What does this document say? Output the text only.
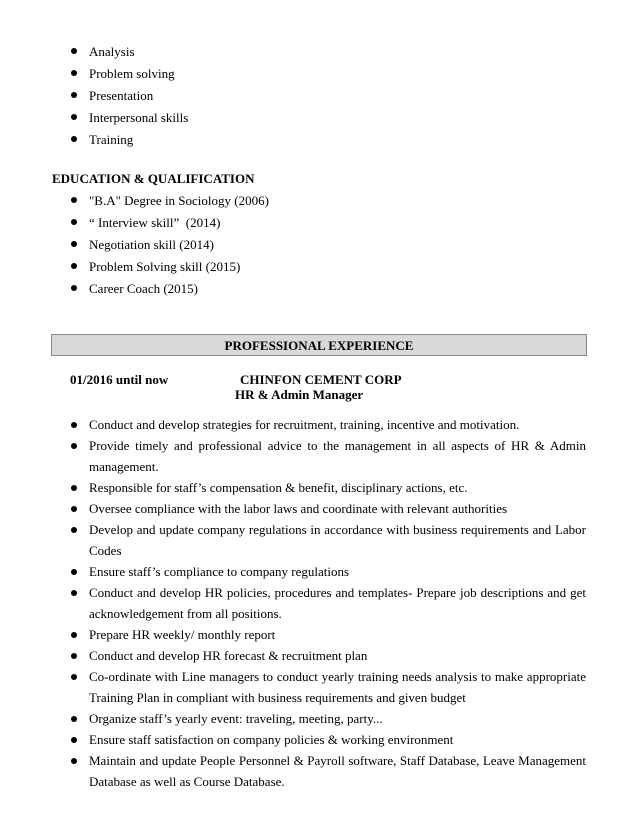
Analysis
Problem solving
Presentation
Interpersonal skills
Training
EDUCATION & QUALIFICATION
"B.A" Degree in Sociology (2006)
“ Interview skill”  (2014)
Negotiation skill (2014)
Problem Solving skill (2015)
Career Coach (2015)
PROFESSIONAL EXPERIENCE
01/2016 until now	CHINFON CEMENT CORP
HR & Admin Manager
Conduct and develop strategies for recruitment, training, incentive and motivation.
Provide timely and professional advice to the management in all aspects of HR & Admin management.
Responsible for staff’s compensation & benefit, disciplinary actions, etc.
Oversee compliance with the labor laws and coordinate with relevant authorities
Develop and update company regulations in accordance with business requirements and Labor Codes
Ensure staff’s compliance to company regulations
Conduct and develop HR policies, procedures and templates- Prepare job descriptions and get acknowledgement from all positions.
Prepare HR weekly/ monthly report
Conduct and develop HR forecast & recruitment plan
Co-ordinate with Line managers to conduct yearly training needs analysis to make appropriate Training Plan in compliant with business requirements and given budget
Organize staff’s yearly event: traveling, meeting, party...
Ensure staff satisfaction on company policies & working environment
Maintain and update People Personnel & Payroll software, Staff Database, Leave Management Database as well as Course Database.
